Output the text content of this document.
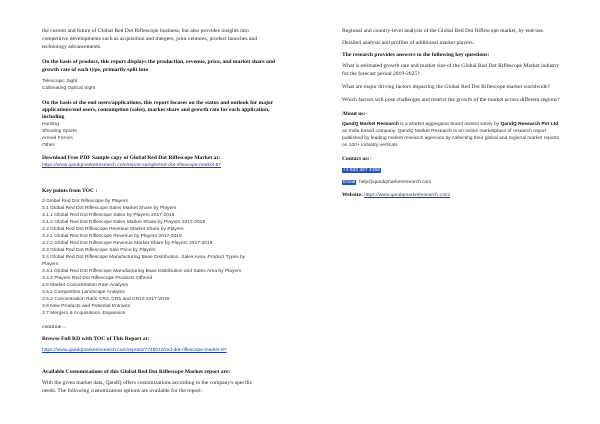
the current and future of Global Red Dot Riflescope business, but also provides insights into
competitive developments such as acquisition and mergers, joint ventures, product launches and
technology advancements.
On the basis of product, this report displays the production, revenue, price, and market share and
growth rate of each type, primarily split into
Telescopic Sight
Collimating Optical Sight
On the basis of the end users/applications, this report focuses on the status and outlook for major
applications/end users, consumption (sales), market share and growth rate for each application,
including
Hunting
Shooting Sports
Armed Forces
Other
Download Free PDF Sample copy of Global Red Dot Riflescope Market at:
https://www.qandqmarketresearch.com/report-sample/red-dot-riflescope-market-87
Key points from TOC :
3 Global Red Dot Riflescope by Players
3.1 Global Red Dot Riflescope Sales Market Share by Players
3.1.1 Global Red Dot Riflescope Sales by Players 2017-2019
3.1.2 Global Red Dot Riflescope Sales Market Share by Players 2017-2019
3.2 Global Red Dot Riflescope Revenue Market Share by Players
3.2.1 Global Red Dot Riflescope Revenue by Players 2017-2019
3.2.2 Global Red Dot Riflescope Revenue Market Share by Players 2017-2019
3.3 Global Red Dot Riflescope Sale Price by Players
3.4 Global Red Dot Riflescope Manufacturing Base Distribution, Sales Area, Product Types by
Players
3.4.1 Global Red Dot Riflescope Manufacturing Base Distribution and Sales Area by Players
3.4.2 Players Red Dot Riflescope Products Offered
3.5 Market Concentration Rate Analysis
3.5.1 Competition Landscape Analysis
3.5.2 Concentration Ratio CR3, CR5 and CR10 2017-2019
3.6 New Products and Potential Entrants
3.7 Mergers & Acquisitions, Expansion
continue…
Browse Full RD with TOC of This Report at:
https://www.qandqmarketresearch.com/reports/7745010/red-dot-riflescope-market-87
Available Customizations of this Global Red Dot Riflescope Market report are:
With the given market data, QandQ offers customizations according to the company's specific
needs. The following customization options are available for the report:
Regional and country-level analysis of the Global Red Dot Riflescope market, by end-use.
Detailed analysis and profiles of additional market players.
The research provides answers to the following key questions:
What is estimated growth rate and market size of the Global Red Dot Riflescope Market industry
for the forecast period 2019-2025?
What are major driving factors impacting the Global Red Dot Riflescope market worldwide?
Which factors will pose challenges and restrict the growth of the market across different regions?
About us:-
QandQ Market Research is a Market aggregator brand owned solely by QandQ Research Pvt Ltd,
an India based company. QandQ Market Research is an online marketplace of research report
published by leading market research agencies by collecting their global and regional market reports
on 100+ industry verticals
Contact us:-
+1 832 267 4158
Email: help@qandqmarketresearch.com
Website: https://www.qandqmarketresearch.com/
